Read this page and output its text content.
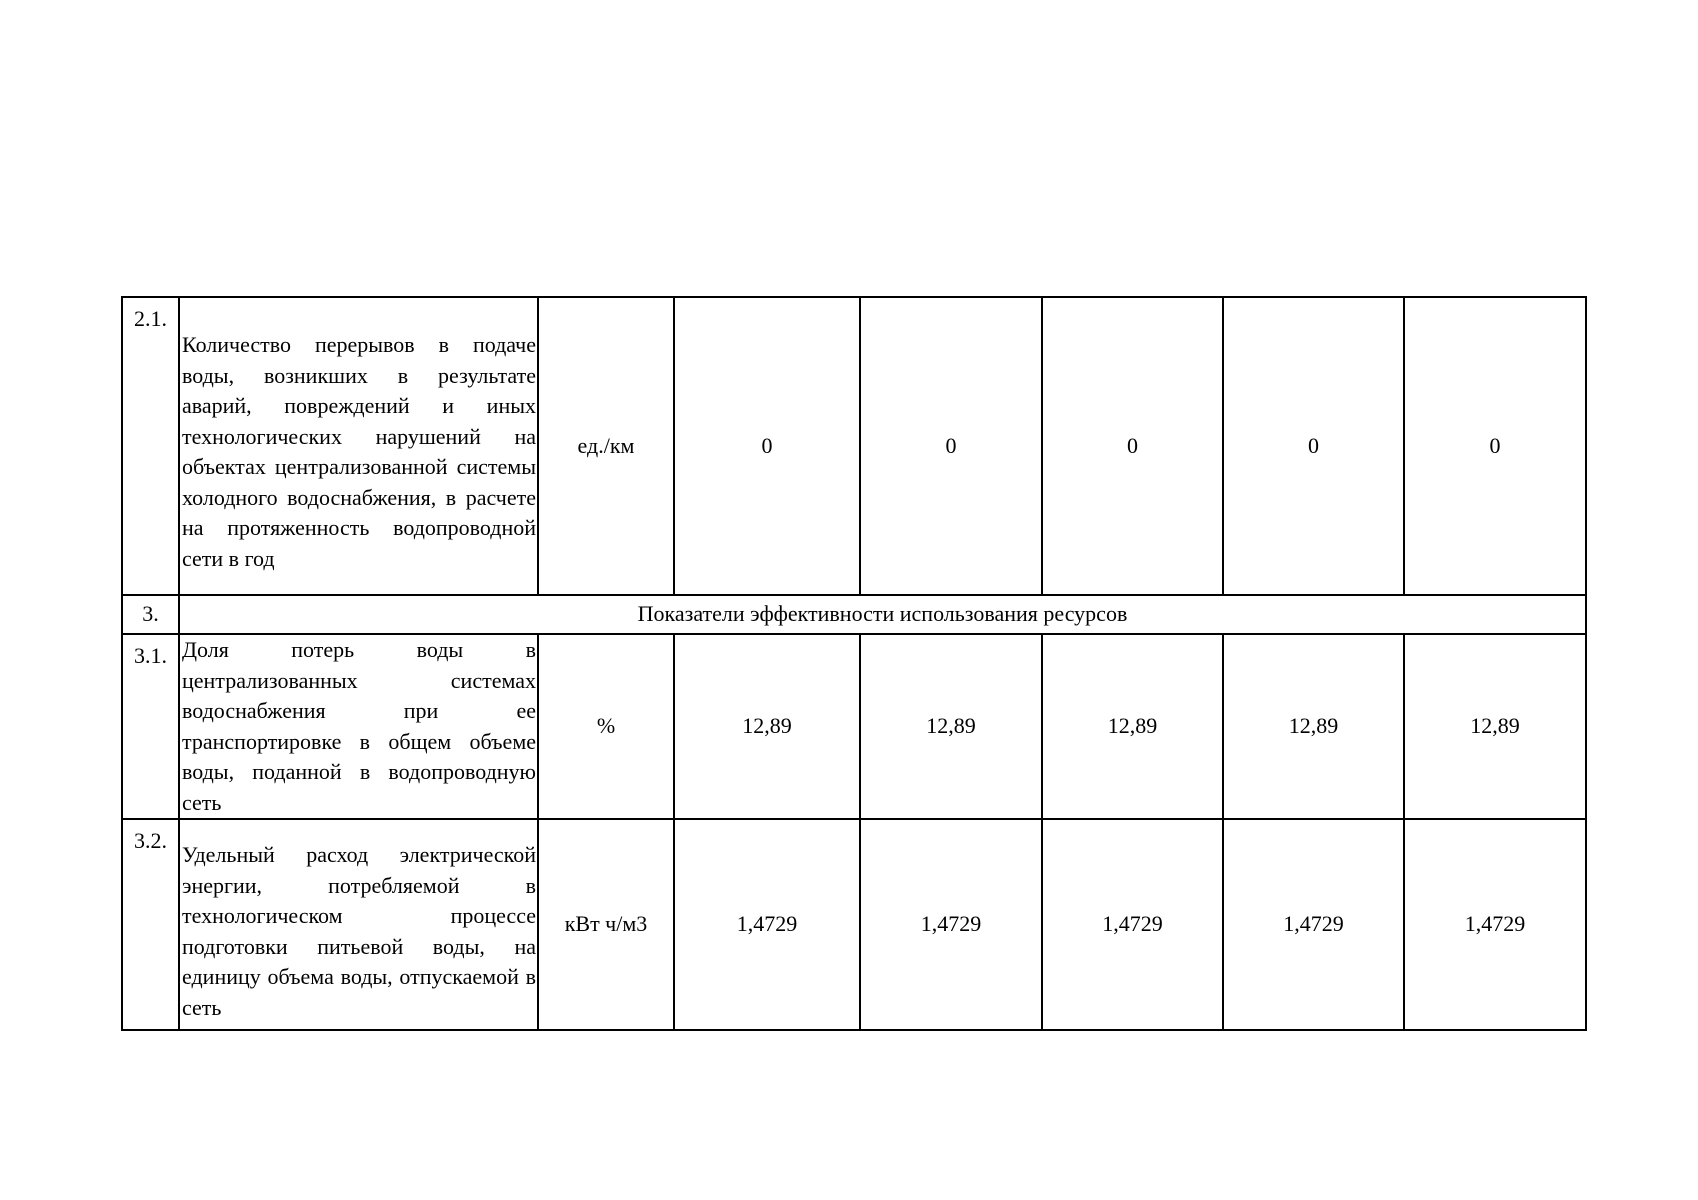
2.1.	Количество перерывов в подаче воды, возникших в результате аварий, повреждений и иных технологических нарушений на объектах централизованной системы холодного водоснабжения, в расчете на протяженность водопроводной сети в год	ед./км	0	0	0	0	0
3.	Показатели эффективности использования ресурсов						
3.1.	Доля потерь воды в централизованных системах водоснабжения при ее транспортировке в общем объеме воды, поданной в водопроводную сеть	%	12,89	12,89	12,89	12,89	12,89
3.2.	Удельный расход электрической энергии, потребляемой в технологическом процессе подготовки питьевой воды, на единицу объема воды, отпускаемой в сеть	кВт ч/м3	1,4729	1,4729	1,4729	1,4729	1,4729
